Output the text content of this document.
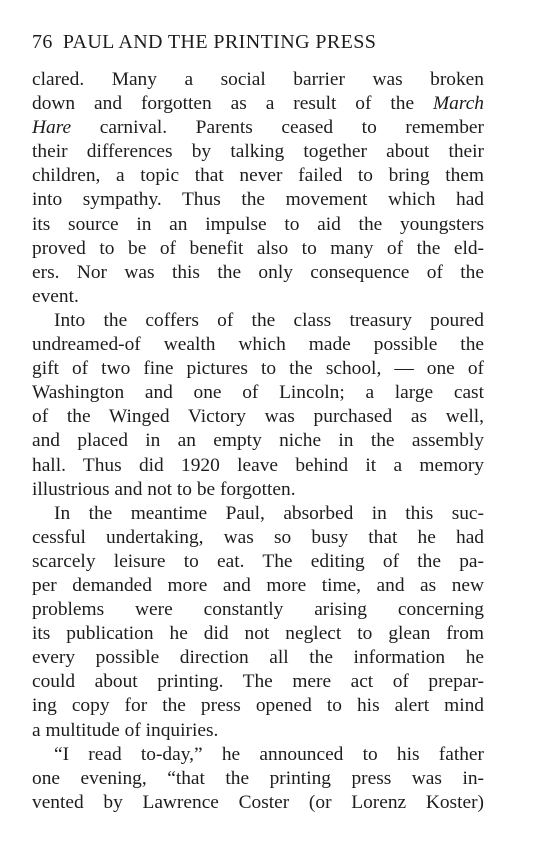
76 PAUL AND THE PRINTING PRESS
clared. Many a social barrier was broken
down and forgotten as a result of the March
Hare carnival. Parents ceased to remember
their differences by talking together about their
children, a topic that never failed to bring them
into sympathy. Thus the movement which had
its source in an impulse to aid the youngsters
proved to be of benefit also to many of the eld-
ers. Nor was this the only consequence of the
event.
Into the coffers of the class treasury poured
undreamed-of wealth which made possible the
gift of two fine pictures to the school, — one of
Washington and one of Lincoln; a large cast
of the Winged Victory was purchased as well,
and placed in an empty niche in the assembly
hall. Thus did 1920 leave behind it a memory
illustrious and not to be forgotten.
In the meantime Paul, absorbed in this suc-
cessful undertaking, was so busy that he had
scarcely leisure to eat. The editing of the pa-
per demanded more and more time, and as new
problems were constantly arising concerning
its publication he did not neglect to glean from
every possible direction all the information he
could about printing. The mere act of prepar-
ing copy for the press opened to his alert mind
a multitude of inquiries.
“I read to-day,” he announced to his father
one evening, “that the printing press was in-
vented by Lawrence Coster (or Lorenz Koster)
